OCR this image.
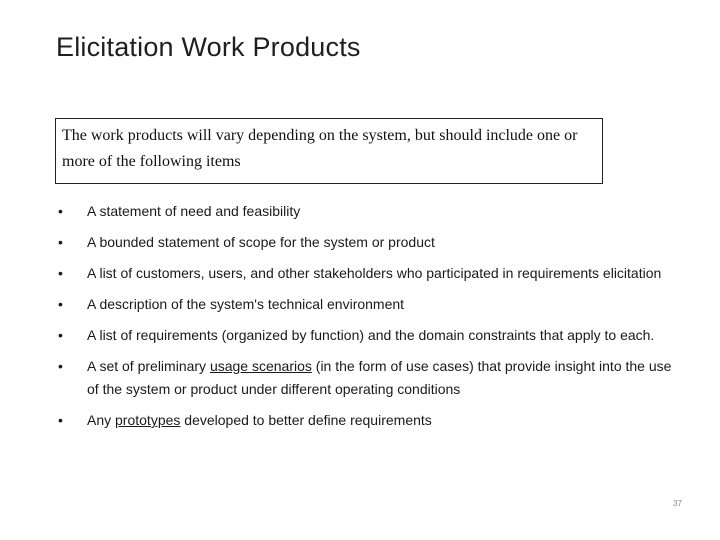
Elicitation Work Products
The work products will vary depending on the system, but should include one or more of the following items
• A statement of need and feasibility
• A bounded statement of scope for the system or product
• A list of customers, users, and other stakeholders who participated in requirements elicitation
• A description of the system's technical environment
• A list of requirements (organized by function) and the domain constraints that apply to each.
• A set of preliminary usage scenarios (in the form of use cases) that provide insight into the use of the system or product under different operating conditions
• Any prototypes developed to better define requirements
37
